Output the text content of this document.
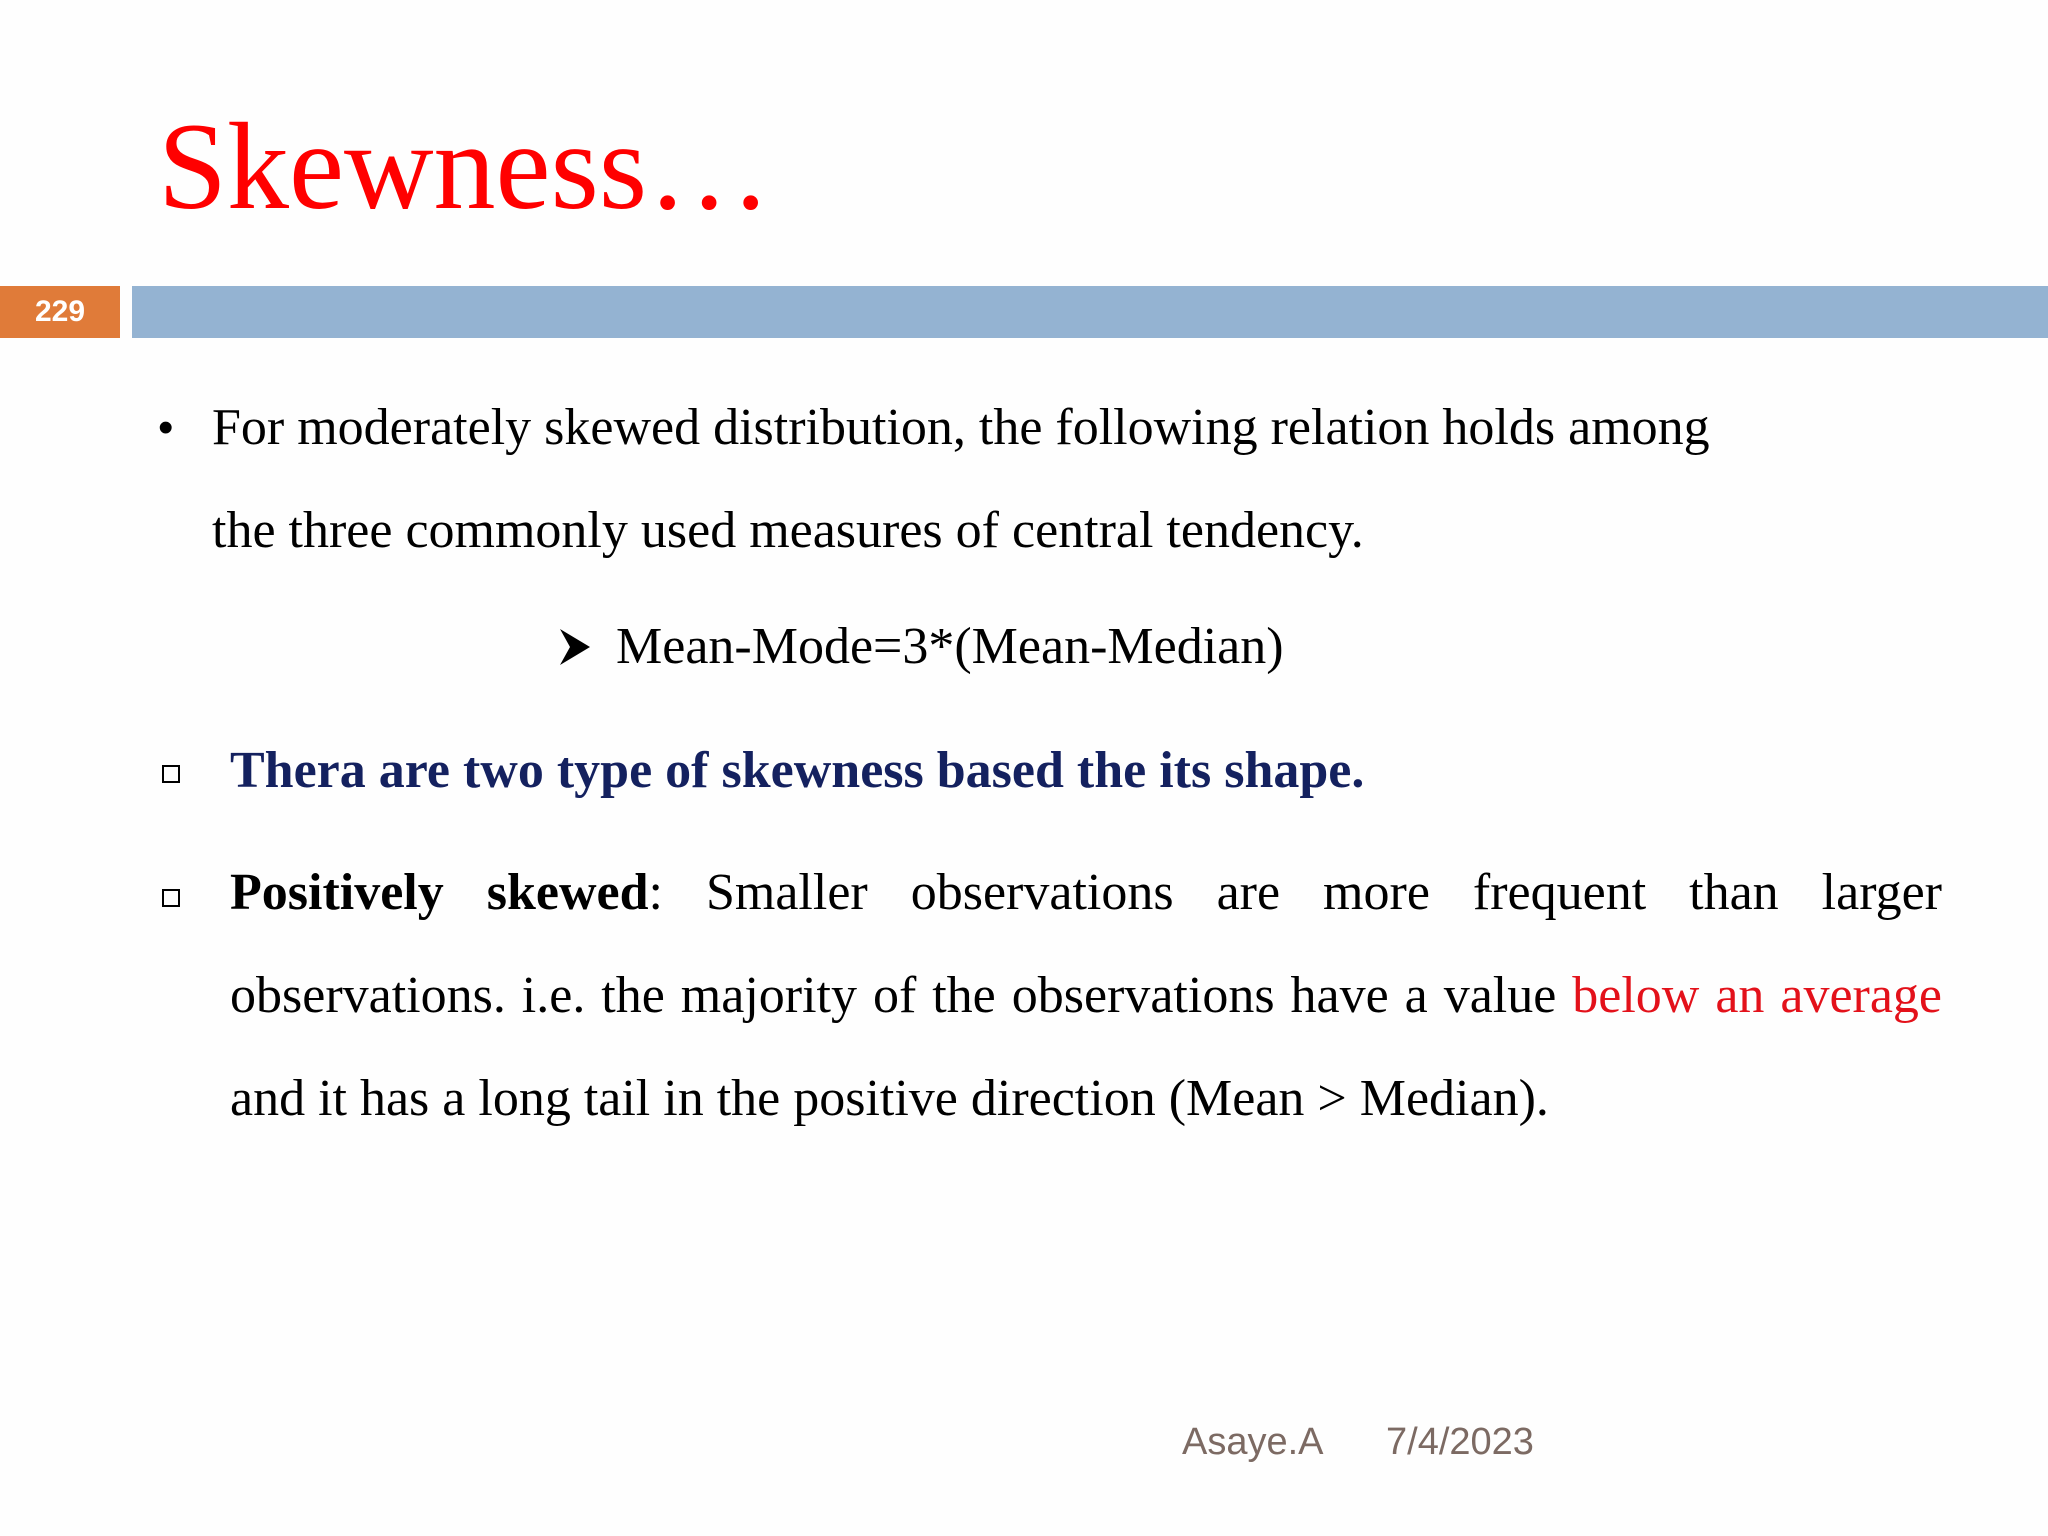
Skewness…
229
• For moderately skewed distribution, the following relation holds among the three commonly used measures of central tendency.

Mean-Mode=3*(Mean-Median)

Thera are two type of skewness based the its shape.

Positively skewed: Smaller observations are more frequent than larger observations. i.e. the majority of the observations have a value below an average and it has a long tail in the positive direction (Mean > Median).

Asaye.A 7/4/2023
